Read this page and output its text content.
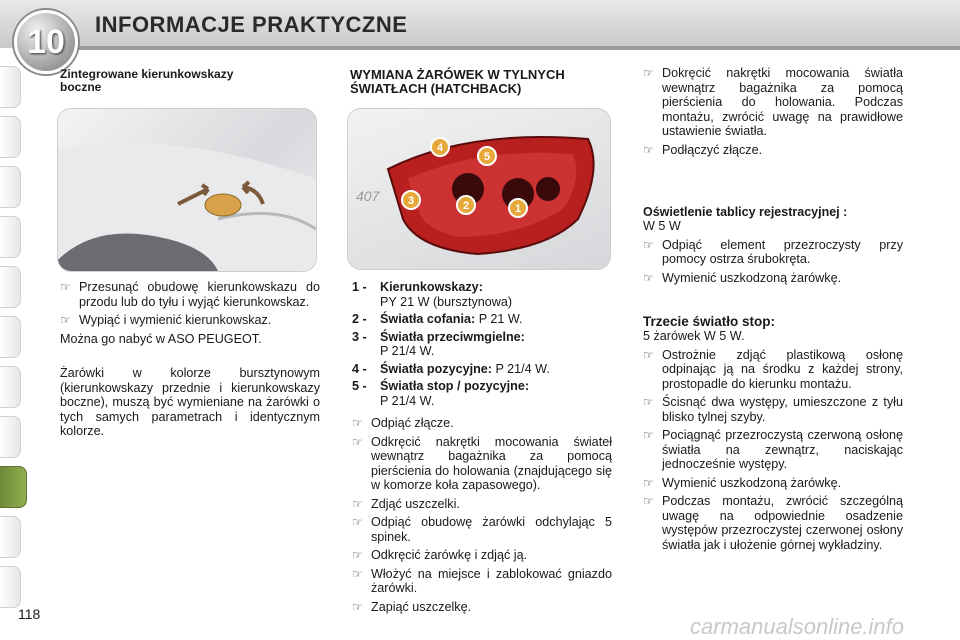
10 INFORMACJE PRAKTYCZNE

Zintegrowane kierunkowskazy
boczne

☞ Przesunąć obudowę kierunkowskazu do przodu lub do tyłu i wyjąć kierunkowskaz.

☞ Wypiąć i wymienić kierunkowskaz.

Można go nabyć w ASO PEUGEOT.

Żarówki w kolorze bursztynowym (kierunkowskazy przednie i kierunkowskazy boczne), muszą być wymieniane na żarówki o tych samych parametrach i identycznym kolorze.

WYMIANA ŻARÓWEK W TYLNYCH
ŚWIATŁACH (HATCHBACK)

407
4
5
3	2	1
1 -	Kierunkowskazy:
PY 21 W (bursztynowa)
2 -	Światła cofania: P 21 W.
3 -	Światła przeciwmgielne:
P 21/4 W.
4 -	Światła pozycyjne: P 21/4 W.
5 -	Światła stop / pozycyjne:
P 21/4 W.

☞ Odpiąć złącze.

☞ Odkręcić nakrętki mocowania świateł wewnątrz bagażnika za pomocą pierścienia do holowania (znajdującego się w komorze koła zapasowego).

☞ Zdjąć uszczelki.

☞ Odpiąć obudowę żarówki odchylając 5 spinek.

☞ Odkręcić żarówkę i zdjąć ją.

☞ Włożyć na miejsce i zablokować gniazdo żarówki.

☞ Zapiąć uszczelkę.

☞ Dokręcić nakrętki mocowania światła wewnątrz bagażnika za pomocą pierścienia do holowania. Podczas montażu, zwrócić uwagę na prawidłowe ustawienie światła.

☞ Podłączyć złącze.

Oświetlenie tablicy rejestracyjnej :

W 5 W

☞ Odpiąć element przezroczysty przy pomocy ostrza śrubokręta.

☞ Wymienić uszkodzoną żarówkę.

Trzecie światło stop:

5 żarówek W 5 W.

☞ Ostrożnie zdjąć plastikową osłonę odpinając ją na środku z każdej strony, prostopadle do kierunku montażu.

☞ Ścisnąć dwa występy, umieszczone z tyłu blisko tylnej szyby.

☞ Pociągnąć przezroczystą czerwoną osłonę światła na zewnątrz, naciskając jednocześnie występy.

☞ Wymienić uszkodzoną żarówkę.

☞ Podczas montażu, zwrócić szczególną uwagę na odpowiednie osadzenie występów przezroczystej czerwonej osłony światła jak i ułożenie górnej wykładziny.

118	carmanualsonline.info
